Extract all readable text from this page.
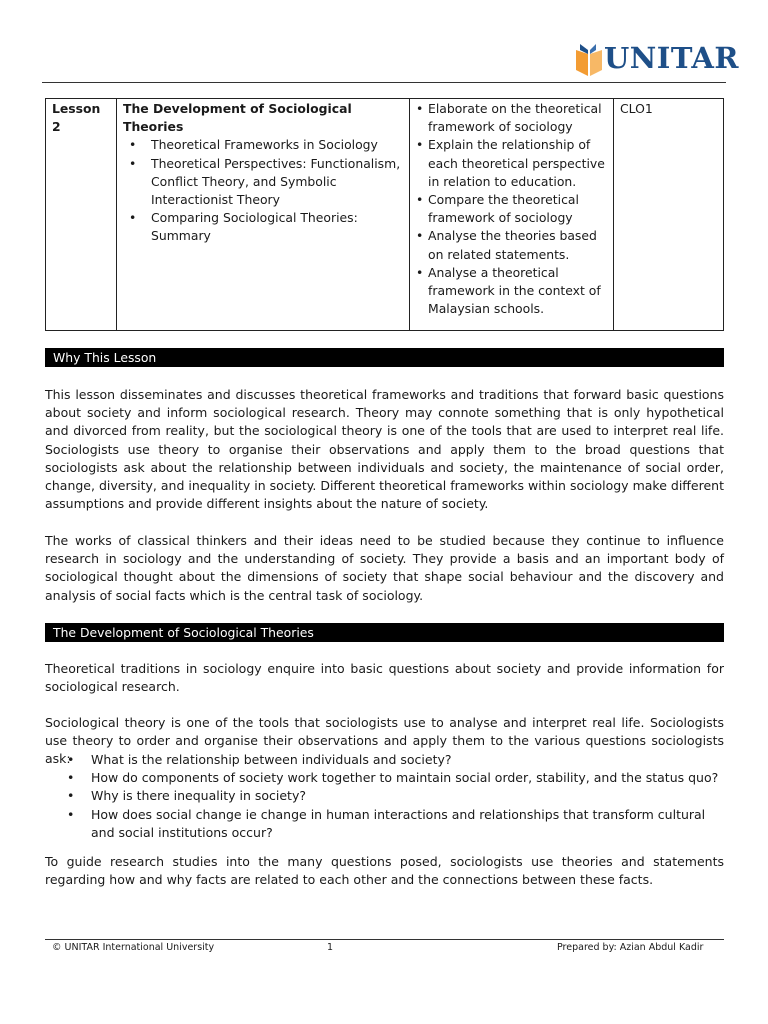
UNITAR
Lesson 2	
The Development of Sociological Theories
• Theoretical Frameworks in Sociology
• Theoretical Perspectives: Functionalism, Conflict Theory, and Symbolic Interactionist Theory
• Comparing Sociological Theories: Summary

• Elaborate on the theoretical framework of sociology
• Explain the relationship of each theoretical perspective in relation to education.
• Compare the theoretical framework of sociology
• Analyse the theories based on related statements.
• Analyse a theoretical framework in the context of Malaysian schools.
	CLO1
Why This Lesson

This lesson disseminates and discusses theoretical frameworks and traditions that forward basic questions about society and inform sociological research. Theory may connote something that is only hypothetical and divorced from reality, but the sociological theory is one of the tools that are used to interpret real life. Sociologists use theory to organise their observations and apply them to the broad questions that sociologists ask about the relationship between individuals and society, the maintenance of social order, change, diversity, and inequality in society. Different theoretical frameworks within sociology make different assumptions and provide different insights about the nature of society.

The works of classical thinkers and their ideas need to be studied because they continue to influence research in sociology and the understanding of society. They provide a basis and an important body of sociological thought about the dimensions of society that shape social behaviour and the discovery and analysis of social facts which is the central task of sociology.

The Development of Sociological Theories

Theoretical traditions in sociology enquire into basic questions about society and provide information for sociological research.

Sociological theory is one of the tools that sociologists use to analyse and interpret real life. Sociologists use theory to order and organise their observations and apply them to the various questions sociologists ask:

•	What is the relationship between individuals and society?
• How do components of society work together to maintain social order, stability, and the status quo?
• Why is there inequality in society?
• How does social change ie change in human interactions and relationships that transform cultural and social institutions occur?

To guide research studies into the many questions posed, sociologists use theories and statements regarding how and why facts are related to each other and the connections between these facts.

© UNITAR International University	1	Prepared by: Azian Abdul Kadir
